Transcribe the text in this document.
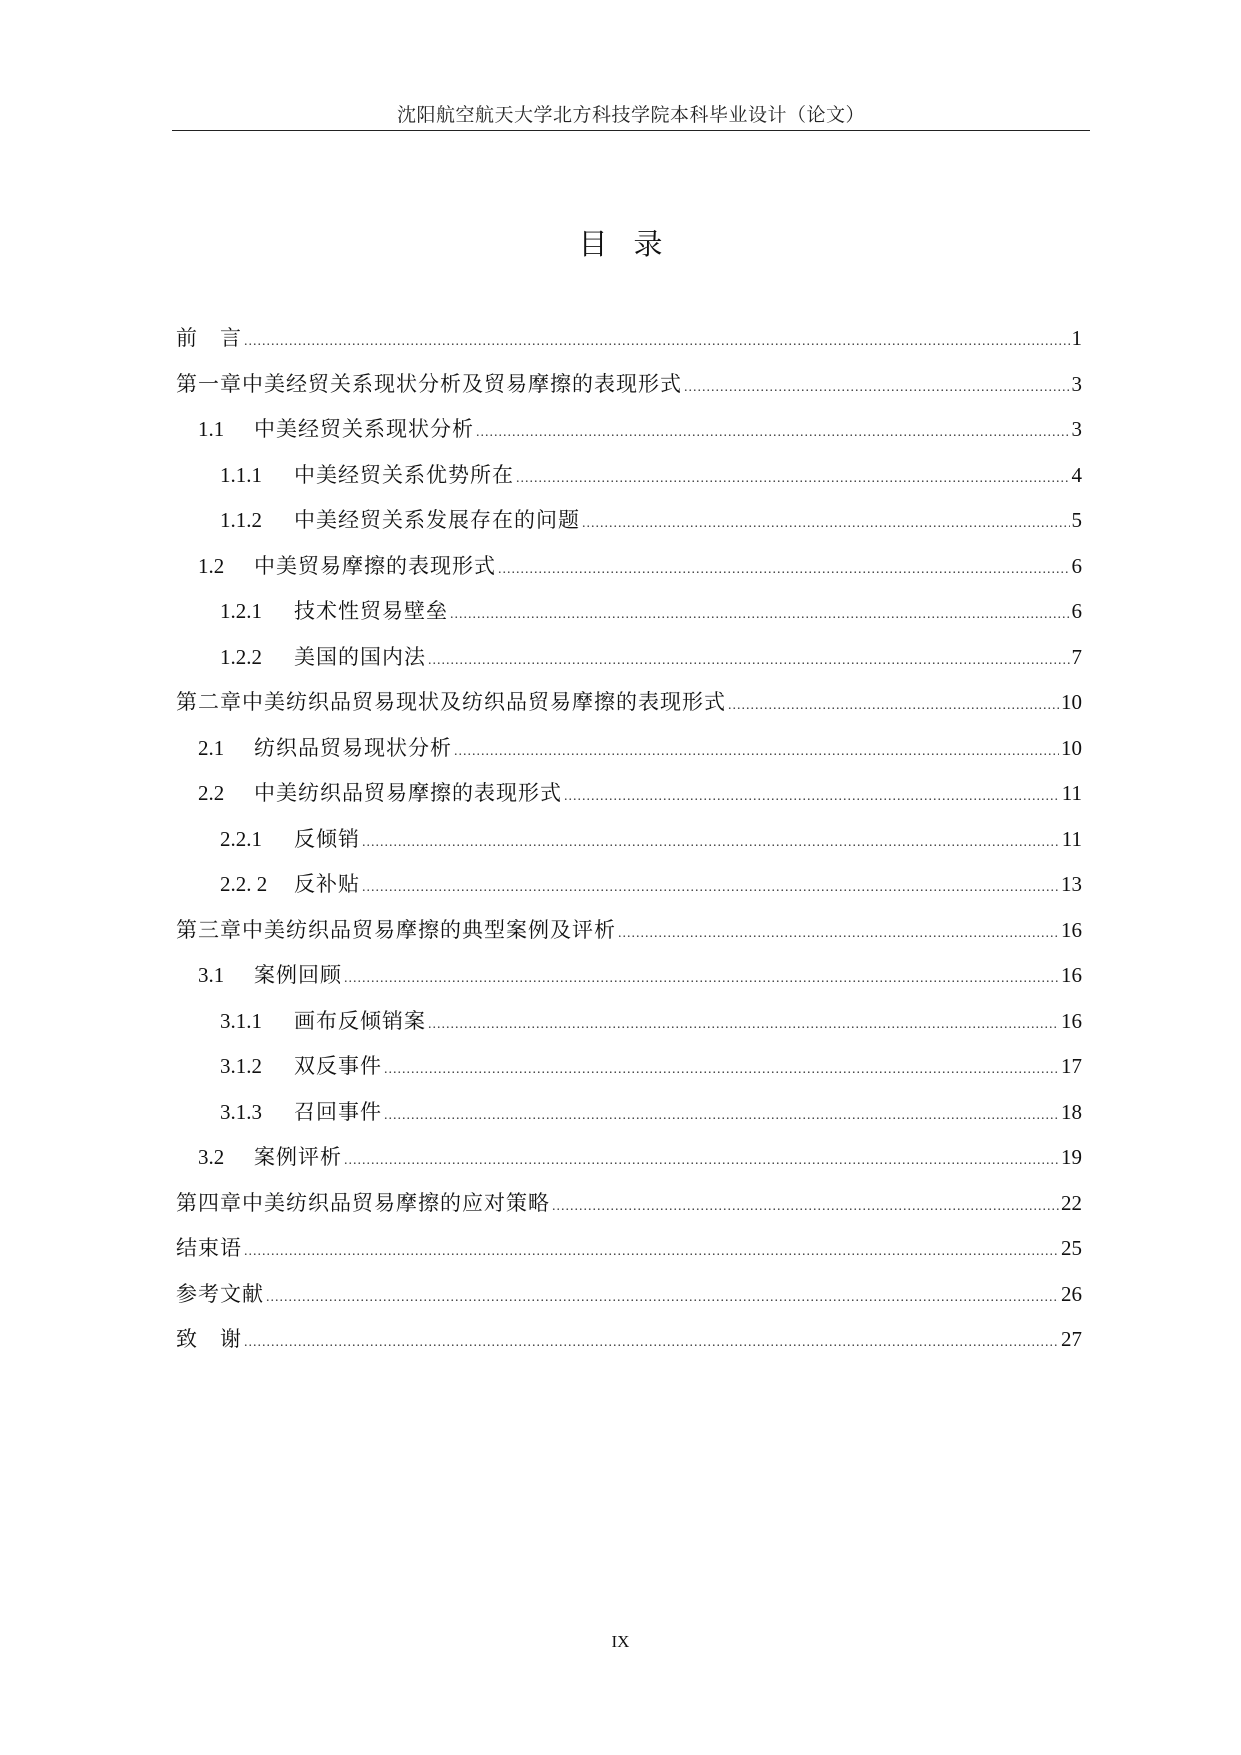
沈阳航空航天大学北方科技学院本科毕业设计（论文）
目录
前　言 .....	1
第一章中美经贸关系现状分析及贸易摩擦的表现形式 .....	3
1.1	中美经贸关系现状分析 .....	3
1.1.1	中美经贸关系优势所在 .....	4
1.1.2	中美经贸关系发展存在的问题 .....	5
1.2	中美贸易摩擦的表现形式 .....	6
1.2.1	技术性贸易壁垒 .....	6
1.2.2	美国的国内法 .....	7
第二章中美纺织品贸易现状及纺织品贸易摩擦的表现形式 .....	10
2.1	纺织品贸易现状分析 .....	10
2.2	中美纺织品贸易摩擦的表现形式 .....	11
2.2.1	反倾销 .....	11
2.2. 2 反补贴 .....	13
第三章中美纺织品贸易摩擦的典型案例及评析 .....	16
3.1	案例回顾 .....	16
3.1.1	画布反倾销案 .....	16
3.1.2	双反事件 .....	17
3.1.3	召回事件 .....	18
3.2	案例评析 .....	19
第四章中美纺织品贸易摩擦的应对策略 .....	22
结束语 .....	25
参考文献 .....	26
致　谢 .....	27
IX
